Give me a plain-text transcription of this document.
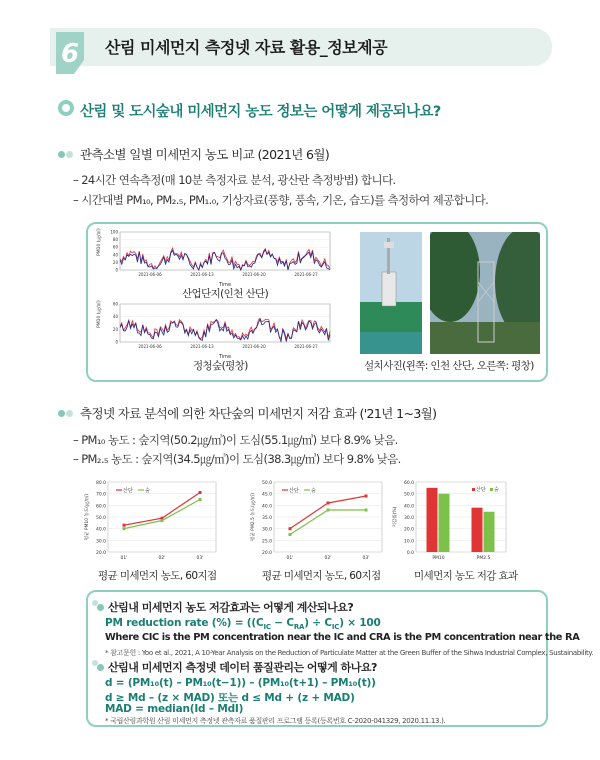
6 산림 미세먼지 측정넷 자료 활용_정보제공
산림 및 도시숲내 미세먼지 농도 정보는 어떻게 제공되나요?
관측소별 일별 미세먼지 농도 비교 (2021년 6월)
– 24시간 연속측정(매 10분 측정자료 분석, 광산란 측정방법) 합니다.
– 시간대별 PM₁₀, PM₂.₅, PM₁.₀, 기상자료(풍향, 풍속, 기온, 습도)를 측정하여 제공합니다.
100
80
60
40
20
0
2021-06-06	2021-06-13	2021-06-20	2021-06-27
PM10 (㎍/㎥)
Time
산업단지(인천 산단)
60
40
20
0
2021-06-06	2021-06-13	2021-06-20	2021-06-27
PM10 (㎍/㎥)
Time
정청숲(평창)	설치사진(왼쪽: 인천 산단, 오른쪽: 평창)
측정넷 자료 분석에 의한 차단숲의 미세먼지 저감 효과 ('21년 1~3월)
– PM₁₀ 농도 : 숲지역(50.2㎍/㎥)이 도심(55.1㎍/㎥) 보다 8.9% 낮음.
– PM₂.₅ 농도 : 숲지역(34.5㎍/㎥)이 도심(38.3㎍/㎥) 보다 9.8% 낮음.
80.0
70.0
60.0
50.0
40.0
30.0
20.0
평균 PM10 농도(㎍/㎥)
01'	02'	03'
산단 숲
평균 미세먼지 농도, 60지점
50.0
45.0
40.0
35.0
30.0
25.0
20.0
평균 PM2.5 농도(㎍/㎥)
01'	02'	03'
산단 숲
평균 미세먼지 농도, 60지점
60.0
50.0
40.0
30.0
20.0
10.0
0.0
저감률(%)
PM10	PM2.5
산단 숲
미세먼지 농도 저감 효과
산림내 미세먼지 농도 저감효과는 어떻게 계산되나요?
PM reduction rate (%) = $((C_{IC} - C_{RA}) \div C_{IC}) \times 100$
Where CIC is the PM concentration near the IC and CRA is the PM concentration near the RA
* 참고문헌 : Yoo et al., 2021, A 10-Year Analysis on the Reduction of Particulate Matter at the Green Buffer of the Sihwa Industrial Complex, Sustainability.
산림내 미세먼지 측정넷 데이터 품질관리는 어떻게 하나요?
d = (PM₁₀(t) – PM₁₀(t−1)) – (PM₁₀(t+1) – PM₁₀(t))
d ≥ Md – (z × MAD) 또는 d ≤ Md + (z + MAD)
MAD = median(Id – MdI)
* 국립산림과학원 산림 미세먼지 측정넷 관측자료 품질관리 프로그램 등록(등록번호 C-2020-041329, 2020.11.13.).
